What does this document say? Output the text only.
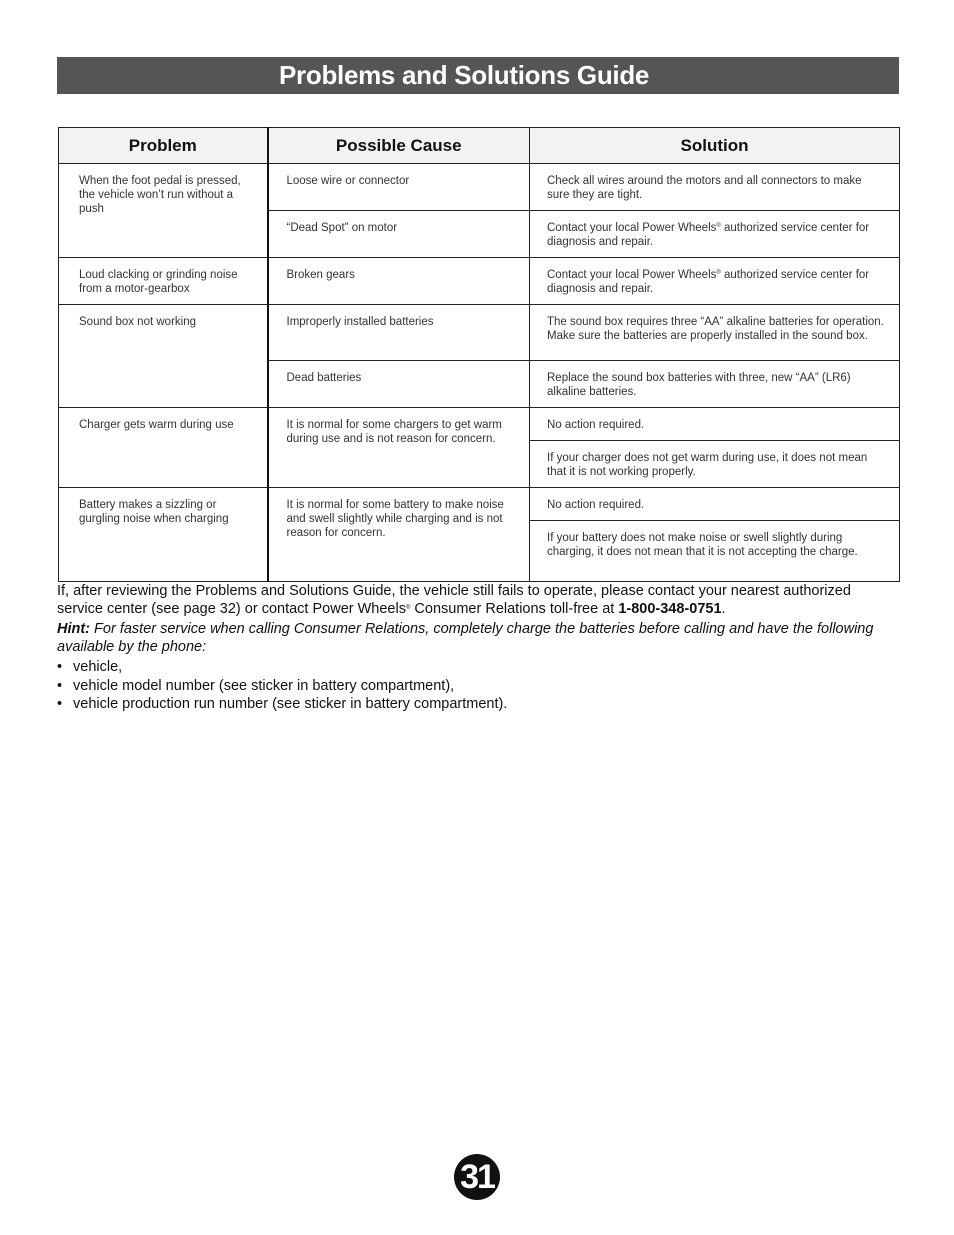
Problems and Solutions Guide
Problem	Possible Cause	Solution
When the foot pedal is pressed, the vehicle won’t run without a push	Loose wire or connector	Check all wires around the motors and all connectors to make sure they are tight.
	“Dead Spot” on motor	Contact your local Power Wheels® authorized service center for diagnosis and repair.
Loud clacking or grinding noise from a motor-gearbox	Broken gears	Contact your local Power Wheels® authorized service center for diagnosis and repair.
Sound box not working	Improperly installed batteries	The sound box requires three “AA” alkaline batteries for operation. Make sure the batteries are properly installed in the sound box.
	Dead batteries	Replace the sound box batteries with three, new “AA” (LR6) alkaline batteries.
Charger gets warm during use	It is normal for some chargers to get warm during use and is not reason for concern.	No action required.
		If your charger does not get warm during use, it does not mean that it is not working properly.
Battery makes a sizzling or gurgling noise when charging	It is normal for some battery to make noise and swell slightly while charging and is not reason for concern.	No action required.
		If your battery does not make noise or swell slightly during charging, it does not mean that it is not accepting the charge.

If, after reviewing the Problems and Solutions Guide, the vehicle still fails to operate, please contact your nearest authorized service center (see page 32) or contact Power Wheels® Consumer Relations toll-free at 1-800-348-0751.

Hint: For faster service when calling Consumer Relations, completely charge the batteries before calling and have the following available by the phone:

• vehicle,
• vehicle model number (see sticker in battery compartment),
• vehicle production run number (see sticker in battery compartment).
31
